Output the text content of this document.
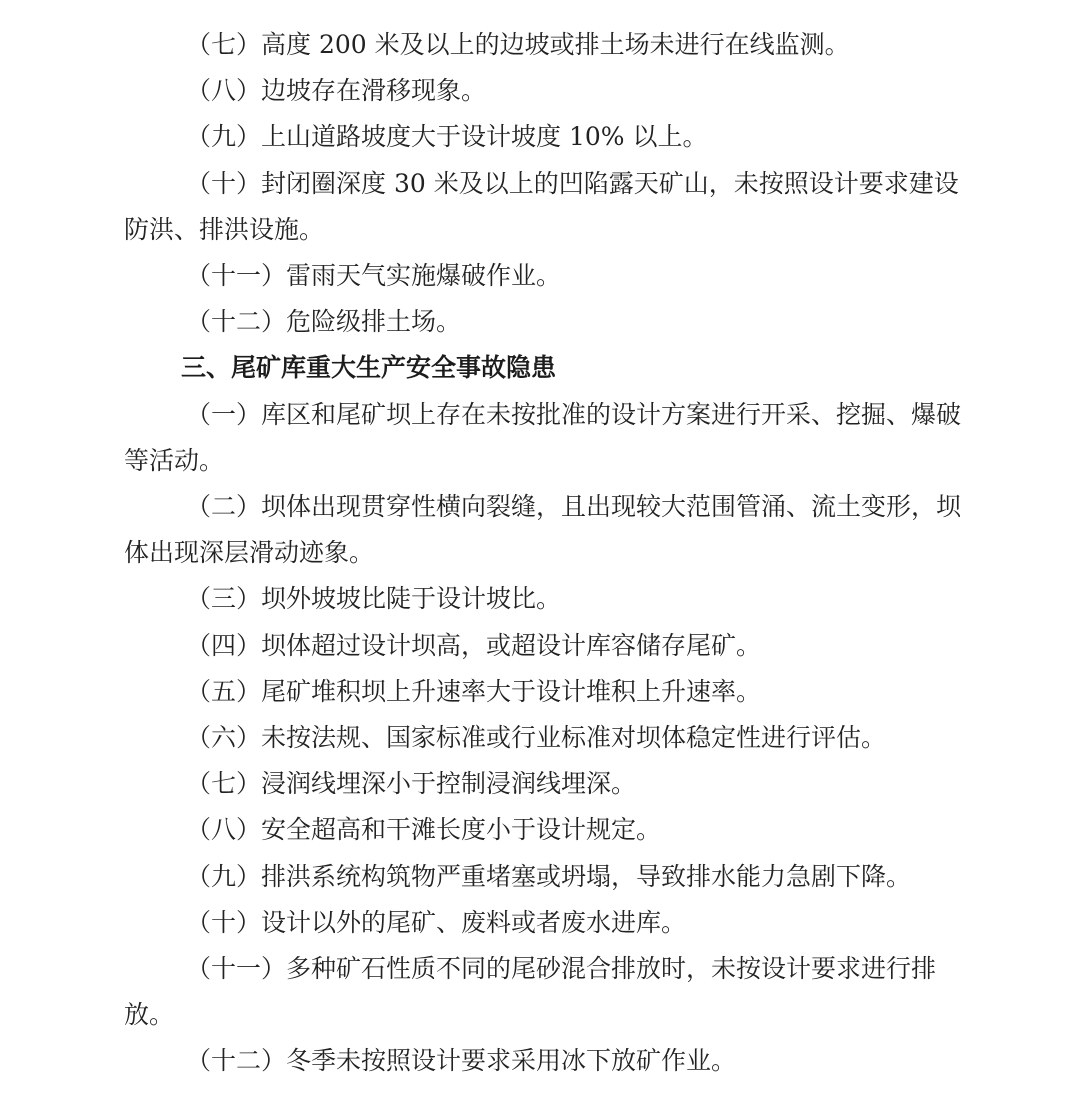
（七）高度 200 米及以上的边坡或排土场未进行在线监测。

（八）边坡存在滑移现象。

（九）上山道路坡度大于设计坡度 10% 以上。

（十）封闭圈深度 30 米及以上的凹陷露天矿山，未按照设计要求建设防洪、排洪设施。

（十一）雷雨天气实施爆破作业。

（十二）危险级排土场。

三、尾矿库重大生产安全事故隐患

（一）库区和尾矿坝上存在未按批准的设计方案进行开采、挖掘、爆破等活动。

（二）坝体出现贯穿性横向裂缝，且出现较大范围管涌、流土变形，坝体出现深层滑动迹象。

（三）坝外坡坡比陡于设计坡比。

（四）坝体超过设计坝高，或超设计库容储存尾矿。

（五）尾矿堆积坝上升速率大于设计堆积上升速率。

（六）未按法规、国家标准或行业标准对坝体稳定性进行评估。

（七）浸润线埋深小于控制浸润线埋深。

（八）安全超高和干滩长度小于设计规定。

（九）排洪系统构筑物严重堵塞或坍塌，导致排水能力急剧下降。

（十）设计以外的尾矿、废料或者废水进库。

（十一）多种矿石性质不同的尾砂混合排放时，未按设计要求进行排放。

（十二）冬季未按照设计要求采用冰下放矿作业。
